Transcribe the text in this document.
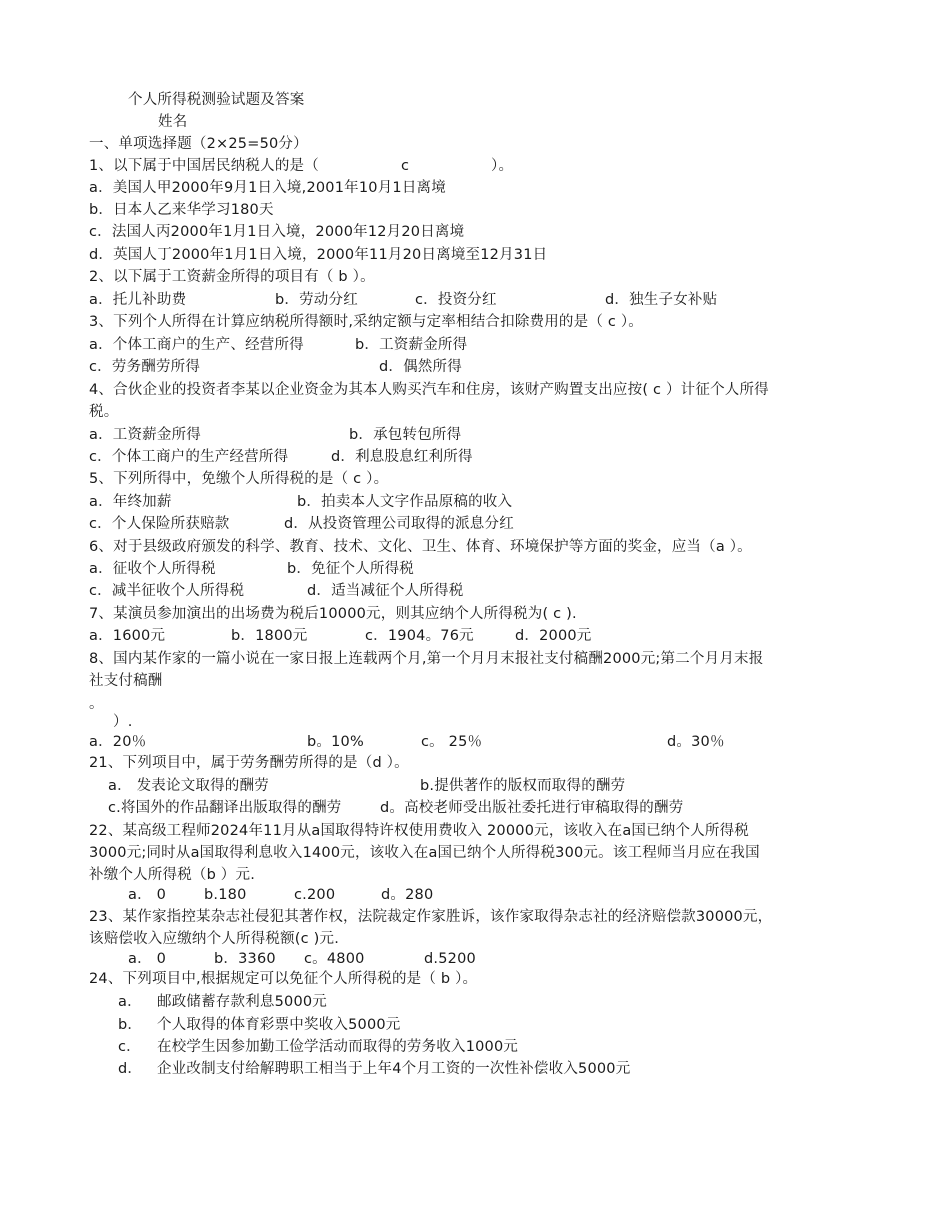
个人所得税测验试题及答案
姓名
一、单项选择题（2×25=50分）

1、以下属于中国居民纳税人的是（

	c

	）。

a．美国人甲2000年9月1日入境,2001年10月1日离境
b．日本人乙来华学习180天
c．法国人丙2000年1月1日入境，2000年12月20日离境
d．英国人丁2000年1月1日入境，2000年11月20日离境至12月31日
2、以下属于工资薪金所得的项目有（ b ）。

a．托儿补助费

	b．劳动分红

	c．投资分红

	d．独生子女补贴

3、下列个人所得在计算应纳税所得额时,采纳定额与定率相结合扣除费用的是（ c ）。

a．个体工商户的生产、经营所得

	b．工资薪金所得

c．劳务酬劳所得

	d．偶然所得

4、合伙企业的投资者李某以企业资金为其本人购买汽车和住房，该财产购置支出应按( c ）计征个人所得
税。

a．工资薪金所得

	b．承包转包所得

c．个体工商户的生产经营所得

	d．利息股息红利所得

5、下列所得中，免缴个人所得税的是（ c ）。

a．年终加薪

	b．拍卖本人文字作品原稿的收入

c．个人保险所获赔款

	d．从投资管理公司取得的派息分红

6、对于县级政府颁发的科学、教育、技术、文化、卫生、体育、环境保护等方面的奖金，应当（a ）。

a．征收个人所得税

	b．免征个人所得税

c．减半征收个人所得税

	d．适当减征个人所得税

7、某演员参加演出的出场费为税后10000元，则其应纳个人所得税为( c ).

a．1600元

	b．1800元

	c．1904。76元

	d．2000元

8、国内某作家的一篇小说在一家日报上连载两个月,第一个月月末报社支付稿酬2000元;第二个月月末报
社支付稿酬
。
）.

a．20％

	b。10%

	c。 25％

	d。30％

21、下列项目中，属于劳务酬劳所得的是（d ）。

a． 发表论文取得的酬劳

	b.提供著作的版权而取得的酬劳

c.将国外的作品翻译出版取得的酬劳

	d。高校老师受出版社委托进行审稿取得的酬劳

22、某高级工程师2024年11月从a国取得特许权使用费收入 20000元，该收入在a国已纳个人所得税
3000元;同时从a国取得利息收入1400元，该收入在a国已纳个人所得税300元。该工程师当月应在我国
补缴个人所得税（b ）元.

a． 0

	b.180

	c.200

	d。280

23、某作家指控某杂志社侵犯其著作权，法院裁定作家胜诉，该作家取得杂志社的经济赔偿款30000元，
该赔偿收入应缴纳个人所得税额(c )元.

a． 0

	b．3360

c。4800

	d.5200

24、下列项目中,根据规定可以免征个人所得税的是（ b ）。

a．

邮政储蓄存款利息5000元

b．

个人取得的体育彩票中奖收入5000元

c．

在校学生因参加勤工俭学活动而取得的劳务收入1000元

d．

企业改制支付给解聘职工相当于上年4个月工资的一次性补偿收入5000元
